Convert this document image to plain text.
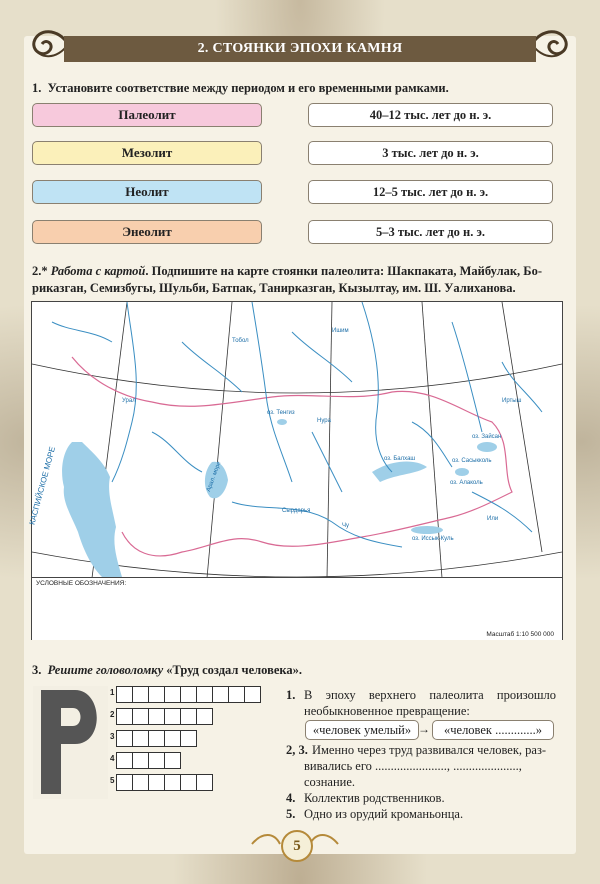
2. СТОЯНКИ ЭПОХИ КАМНЯ
1. Установите соответствие между периодом и его временными рамками.
Палеолит
Мезолит
Неолит
Энеолит
40–12 тыс. лет до н. э.
3 тыс. лет до н. э.
12–5 тыс. лет до н. э.
5–3 тыс. лет до н. э.
2.* Работа с картой. Подпишите на карте стоянки палеолита: Шакпаката, Майбулак, Бо-
риказган, Семизбугы, Шульби, Батпак, Танирказган, Кызылтау, им. Ш. Уалиханова.
КАСПИЙСКОЕ МОРЕ	оз. Балхаш
оз. Зайсан
оз. Алаколь
оз. Тенгиз
оз. Сасыкколь
оз. Иссык-Куль
Арал. море
Иртыш
Ишим
Тобол
Сырдарья
Или
Урал
Нура
Чу
УСЛОВНЫЕ ОБОЗНАЧЕНИЯ:
Масштаб 1:10 500 000
3. Решите головоломку «Труд создал человека».
1
2
3
4
5
1. В эпоху верхнего палеолита произошло
необыкновенное превращение:
«человек умелый» →	«человек .............»
2, 3. Именно через труд развивался человек, раз-
вивались его ......................., .....................,
сознание.
4. Коллектив родственников.
5. Одно из орудий кроманьонца.
5
